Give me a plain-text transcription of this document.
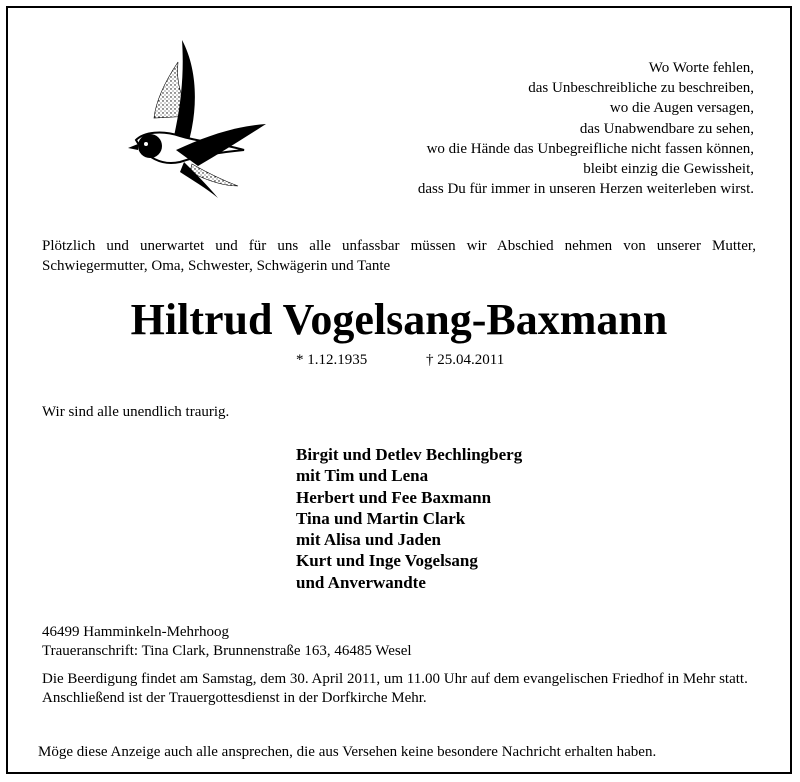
Wo Worte fehlen,
das Unbeschreibliche zu beschreiben,
wo die Augen versagen,
das Unabwendbare zu sehen,
wo die Hände das Unbegreifliche nicht fassen können,
bleibt einzig die Gewissheit,
dass Du für immer in unseren Herzen weiterleben wirst.
Plötzlich und unerwartet und für uns alle unfassbar müssen wir Abschied nehmen von unserer Mutter, Schwiegermutter, Oma, Schwester, Schwägerin und Tante
Hiltrud Vogelsang-Baxmann
* 1.12.1935	† 25.04.2011
Wir sind alle unendlich traurig.
Birgit und Detlev Bechlingberg
mit Tim und Lena
Herbert und Fee Baxmann
Tina und Martin Clark
mit Alisa und Jaden
Kurt und Inge Vogelsang
und Anverwandte
46499 Hamminkeln-Mehrhoog
Traueranschrift: Tina Clark, Brunnenstraße 163, 46485 Wesel
Die Beerdigung findet am Samstag, dem 30. April 2011, um 11.00 Uhr auf dem evangelischen Friedhof in Mehr statt.
Anschließend ist der Trauergottesdienst in der Dorfkirche Mehr.
Möge diese Anzeige auch alle ansprechen, die aus Versehen keine besondere Nachricht erhalten haben.
